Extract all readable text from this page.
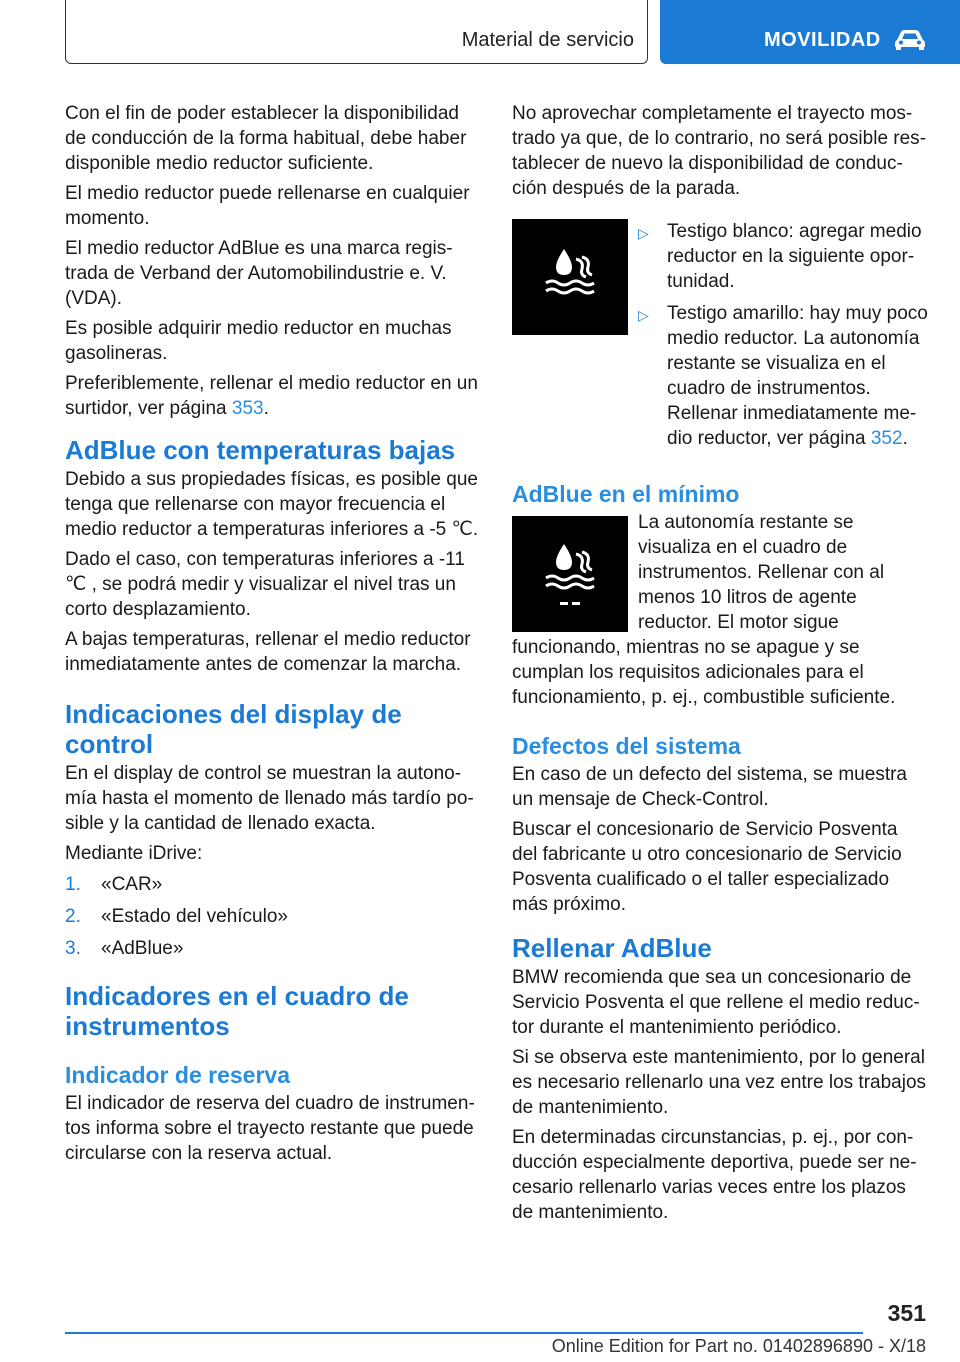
Material de servicio	MOVILIDAD

Con el fin de poder establecer la disponibilidad de conducción de la forma habitual, debe haber disponible medio reductor suficiente.

El medio reductor puede rellenarse en cualquier momento.

El medio reductor AdBlue es una marca registrada de Verband der Automobilindustrie e. V. (VDA).

Es posible adquirir medio reductor en muchas gasolineras.

Preferiblemente, rellenar el medio reductor en un surtidor, ver página 353.

AdBlue con temperaturas bajas

Debido a sus propiedades físicas, es posible que tenga que rellenarse con mayor frecuencia el medio reductor a temperaturas inferiores a -5 ℃.

Dado el caso, con temperaturas inferiores a -11 ℃ , se podrá medir y visualizar el nivel tras un corto desplazamiento.

A bajas temperaturas, rellenar el medio reductor inmediatamente antes de comenzar la marcha.

Indicaciones del display de control

En el display de control se muestran la autonomía hasta el momento de llenado más tardío posible y la cantidad de llenado exacta.

Mediante iDrive:

1.	«CAR»
2.	«Estado del vehículo»
3.	«AdBlue»
Indicadores en el cuadro de instrumentos
Indicador de reserva

El indicador de reserva del cuadro de instrumentos informa sobre el trayecto restante que puede circularse con la reserva actual.

No aprovechar completamente el trayecto mostrado ya que, de lo contrario, no será posible restablecer de nuevo la disponibilidad de conducción después de la parada.

▷ Testigo blanco: agregar medio reductor en la siguiente oportunidad.
▷ Testigo amarillo: hay muy poco medio reductor. La autonomía restante se visualiza en el cuadro de instrumentos. Rellenar inmediatamente medio reductor, ver página 352.
AdBlue en el mínimo

La autonomía restante se visualiza en el cuadro de instrumentos. Rellenar con al menos 10 litros de agente reductor. El motor sigue funcionando, mientras no se apague y se cumplan los requisitos adicionales para el funcionamiento, p. ej., combustible suficiente.

Defectos del sistema

En caso de un defecto del sistema, se muestra un mensaje de Check-Control.

Buscar el concesionario de Servicio Posventa del fabricante u otro concesionario de Servicio Posventa cualificado o el taller especializado más próximo.

Rellenar AdBlue

BMW recomienda que sea un concesionario de Servicio Posventa el que rellene el medio reductor durante el mantenimiento periódico.

Si se observa este mantenimiento, por lo general es necesario rellenarlo una vez entre los trabajos de mantenimiento.

En determinadas circunstancias, p. ej., por conducción especialmente deportiva, puede ser necesario rellenarlo varias veces entre los plazos de mantenimiento.

351
Online Edition for Part no. 01402896890 - X/18
